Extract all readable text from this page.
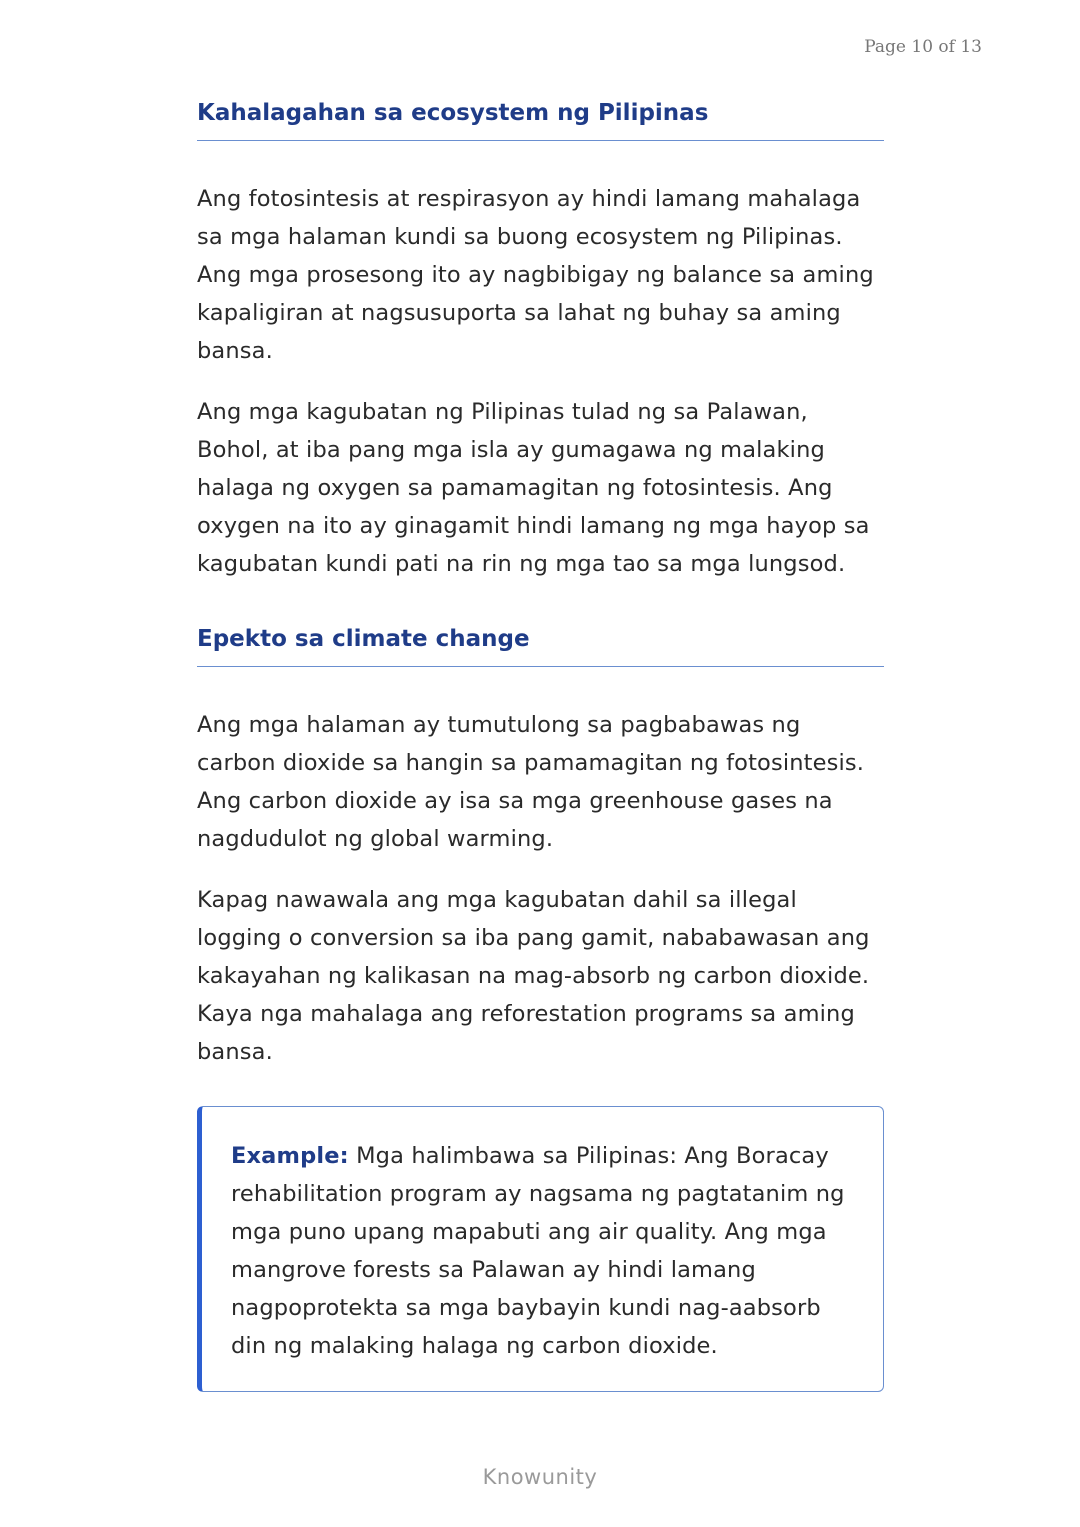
Page 10 of 13
Kahalagahan sa ecosystem ng Pilipinas

Ang fotosintesis at respirasyon ay hindi lamang mahalaga sa mga halaman kundi sa buong ecosystem ng Pilipinas. Ang mga prosesong ito ay nagbibigay ng balance sa aming kapaligiran at nagsusuporta sa lahat ng buhay sa aming bansa.

Ang mga kagubatan ng Pilipinas tulad ng sa Palawan, Bohol, at iba pang mga isla ay gumagawa ng malaking halaga ng oxygen sa pamamagitan ng fotosintesis. Ang oxygen na ito ay ginagamit hindi lamang ng mga hayop sa kagubatan kundi pati na rin ng mga tao sa mga lungsod.

Epekto sa climate change

Ang mga halaman ay tumutulong sa pagbabawas ng carbon dioxide sa hangin sa pamamagitan ng fotosintesis. Ang carbon dioxide ay isa sa mga greenhouse gases na nagdudulot ng global warming.

Kapag nawawala ang mga kagubatan dahil sa illegal logging o conversion sa iba pang gamit, nababawasan ang kakayahan ng kalikasan na mag-absorb ng carbon dioxide. Kaya nga mahalaga ang reforestation programs sa aming bansa.

Example: Mga halimbawa sa Pilipinas: Ang Boracay rehabilitation program ay nagsama ng pagtatanim ng mga puno upang mapabuti ang air quality. Ang mga mangrove forests sa Palawan ay hindi lamang nagpoprotekta sa mga baybayin kundi nag-aabsorb din ng malaking halaga ng carbon dioxide.

Knowunity
